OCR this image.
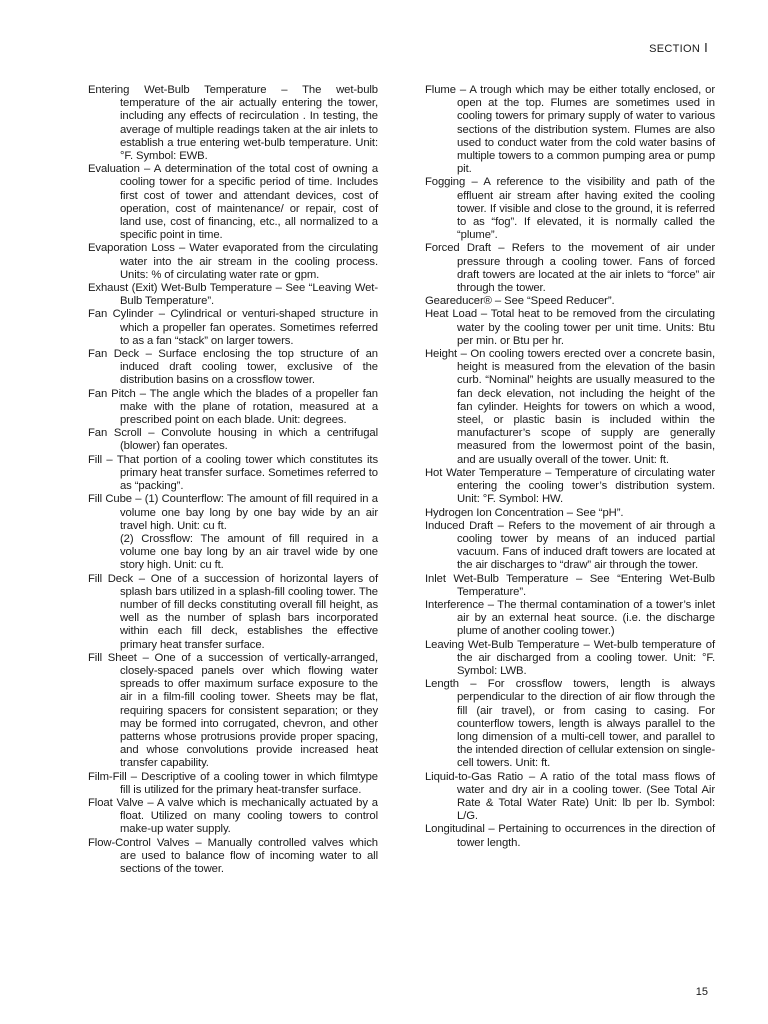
SECTION I
Entering Wet-Bulb Temperature – The wet-bulb temperature of the air actually entering the tower, including any effects of recirculation . In testing, the average of multiple readings taken at the air inlets to establish a true entering wet-bulb temperature. Unit: °F. Symbol: EWB.
Evaluation – A determination of the total cost of owning a cooling tower for a specific period of time. Includes first cost of tower and attendant devices, cost of operation, cost of maintenance/ or repair, cost of land use, cost of financing, etc., all normalized to a specific point in time.
Evaporation Loss – Water evaporated from the circulating water into the air stream in the cooling process. Units: % of circulating water rate or gpm.
Exhaust (Exit) Wet-Bulb Temperature – See “Leaving Wet-Bulb Temperature”.
Fan Cylinder – Cylindrical or venturi-shaped structure in which a propeller fan operates. Sometimes referred to as a fan “stack” on larger towers.
Fan Deck – Surface enclosing the top structure of an induced draft cooling tower, exclusive of the distribution basins on a crossflow tower.
Fan Pitch – The angle which the blades of a propeller fan make with the plane of rotation, measured at a prescribed point on each blade. Unit: degrees.
Fan Scroll – Convolute housing in which a centrifugal (blower) fan operates.
Fill – That portion of a cooling tower which constitutes its primary heat transfer surface. Sometimes referred to as “packing”.
Fill Cube – (1) Counterflow: The amount of fill required in a volume one bay long by one bay wide by an air travel high. Unit: cu ft.

(2) Crossflow: The amount of fill required in a volume one bay long by an air travel wide by one story high. Unit: cu ft.

Fill Deck – One of a succession of horizontal layers of splash bars utilized in a splash-fill cooling tower. The number of fill decks constituting overall fill height, as well as the number of splash bars incorporated within each fill deck, establishes the effective primary heat transfer surface.
Fill Sheet – One of a succession of vertically-arranged, closely-spaced panels over which flowing water spreads to offer maximum surface exposure to the air in a film-fill cooling tower. Sheets may be flat, requiring spacers for consistent separation; or they may be formed into corrugated, chevron, and other patterns whose protrusions provide proper spacing, and whose convolutions provide increased heat transfer capability.
Film-Fill – Descriptive of a cooling tower in which filmtype fill is utilized for the primary heat-transfer surface.
Float Valve – A valve which is mechanically actuated by a float. Utilized on many cooling towers to control make-up water supply.
Flow-Control Valves – Manually controlled valves which are used to balance flow of incoming water to all sections of the tower.
Flume – A trough which may be either totally enclosed, or open at the top. Flumes are sometimes used in cooling towers for primary supply of water to various sections of the distribution system. Flumes are also used to conduct water from the cold water basins of multiple towers to a common pumping area or pump pit.
Fogging – A reference to the visibility and path of the effluent air stream after having exited the cooling tower. If visible and close to the ground, it is referred to as “fog”. If elevated, it is normally called the “plume”.
Forced Draft – Refers to the movement of air under pressure through a cooling tower. Fans of forced draft towers are located at the air inlets to “force” air through the tower.
Geareducer® – See “Speed Reducer”.
Heat Load – Total heat to be removed from the circulating water by the cooling tower per unit time. Units: Btu per min. or Btu per hr.
Height – On cooling towers erected over a concrete basin, height is measured from the elevation of the basin curb. “Nominal” heights are usually measured to the fan deck elevation, not including the height of the fan cylinder. Heights for towers on which a wood, steel, or plastic basin is included within the manufacturer’s scope of supply are generally measured from the lowermost point of the basin, and are usually overall of the tower. Unit: ft.
Hot Water Temperature – Temperature of circulating water entering the cooling tower’s distribution system. Unit: °F. Symbol: HW.
Hydrogen Ion Concentration – See “pH”.
Induced Draft – Refers to the movement of air through a cooling tower by means of an induced partial vacuum. Fans of induced draft towers are located at the air discharges to “draw” air through the tower.
Inlet Wet-Bulb Temperature – See “Entering Wet-Bulb Temperature”.
Interference – The thermal contamination of a tower’s inlet air by an external heat source. (i.e. the discharge plume of another cooling tower.)
Leaving Wet-Bulb Temperature – Wet-bulb temperature of the air discharged from a cooling tower. Unit: °F. Symbol: LWB.
Length – For crossflow towers, length is always perpendicular to the direction of air flow through the fill (air travel), or from casing to casing. For counterflow towers, length is always parallel to the long dimension of a multi-cell tower, and parallel to the intended direction of cellular extension on single-cell towers. Unit: ft.
Liquid-to-Gas Ratio – A ratio of the total mass flows of water and dry air in a cooling tower. (See Total Air Rate & Total Water Rate) Unit: lb per lb. Symbol: L/G.
Longitudinal – Pertaining to occurrences in the direction of tower length.
15
